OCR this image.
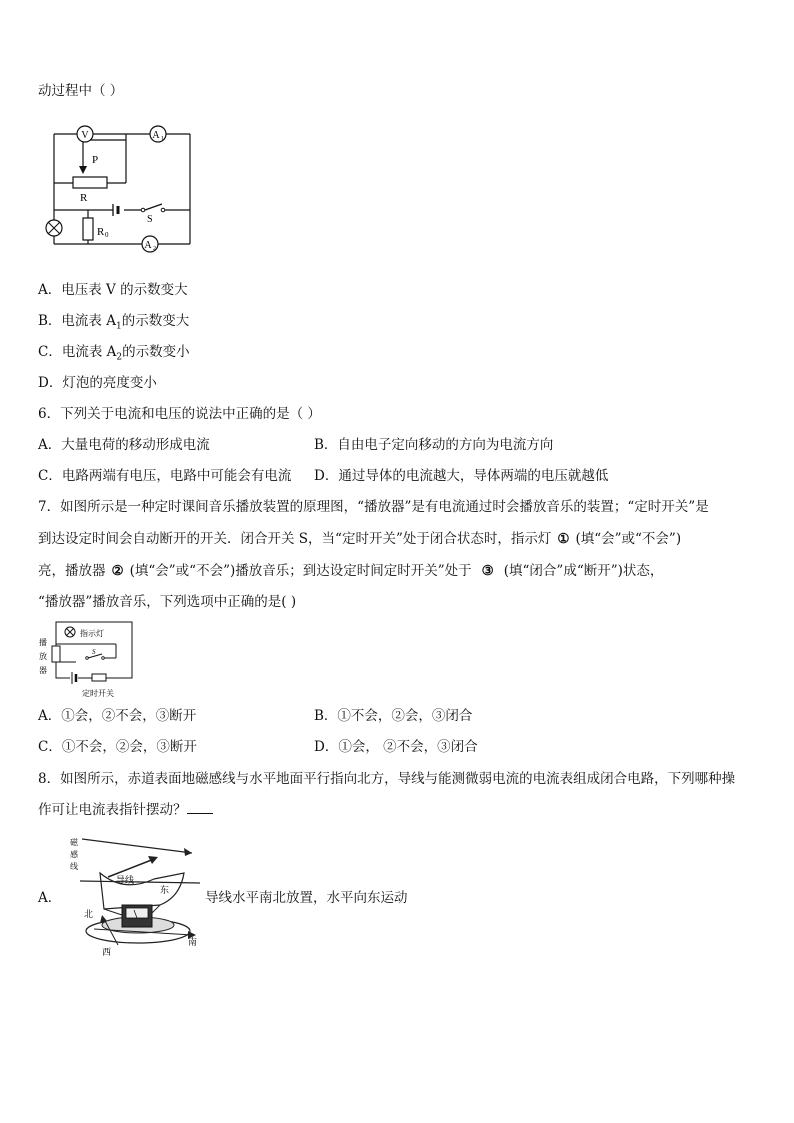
动过程中（ ）
V	A 1
A 2
P
R
R 0
S
A．电压表 V 的示数变大
B．电流表 $A_1$的示数变大
C．电流表 $A_2$的示数变小
D．灯泡的亮度变小
6．下列关于电流和电压的说法中正确的是（ ）
A．大量电荷的移动形成电流	B．自由电子定向移动的方向为电流方向
C．电路两端有电压，电路中可能会有电流 D．通过导体的电流越大，导体两端的电压就越低
7．如图所示是一种定时课间音乐播放装置的原理图，“播放器”是有电流通过时会播放音乐的装置；“定时开关”是
到达设定时间会自动断开的开关．闭合开关 S，当“定时开关”处于闭合状态时，指示灯 ① (填“会”或“不会”)
亮，播放器 ② (填“会”或“不会”)播放音乐；到达设定时间定时开关”处于 ③ (填“闭合”成“断开”)状态，
“播放器”播放音乐，下列选项中正确的是( )
指示灯
播
放
器
S
定时开关
A．①会，②不会，③断开	B．①不会，②会，③闭合
C．①不会，②会，③断开	D．①会， ②不会，③闭合
8．如图所示，赤道表面地磁感线与水平地面平行指向北方，导线与能测微弱电流的电流表组成闭合电路，下列哪种操
作可让电流表指针摆动？
A．
磁
感
线
导线
东
北
南
西
导线水平南北放置，水平向东运动
